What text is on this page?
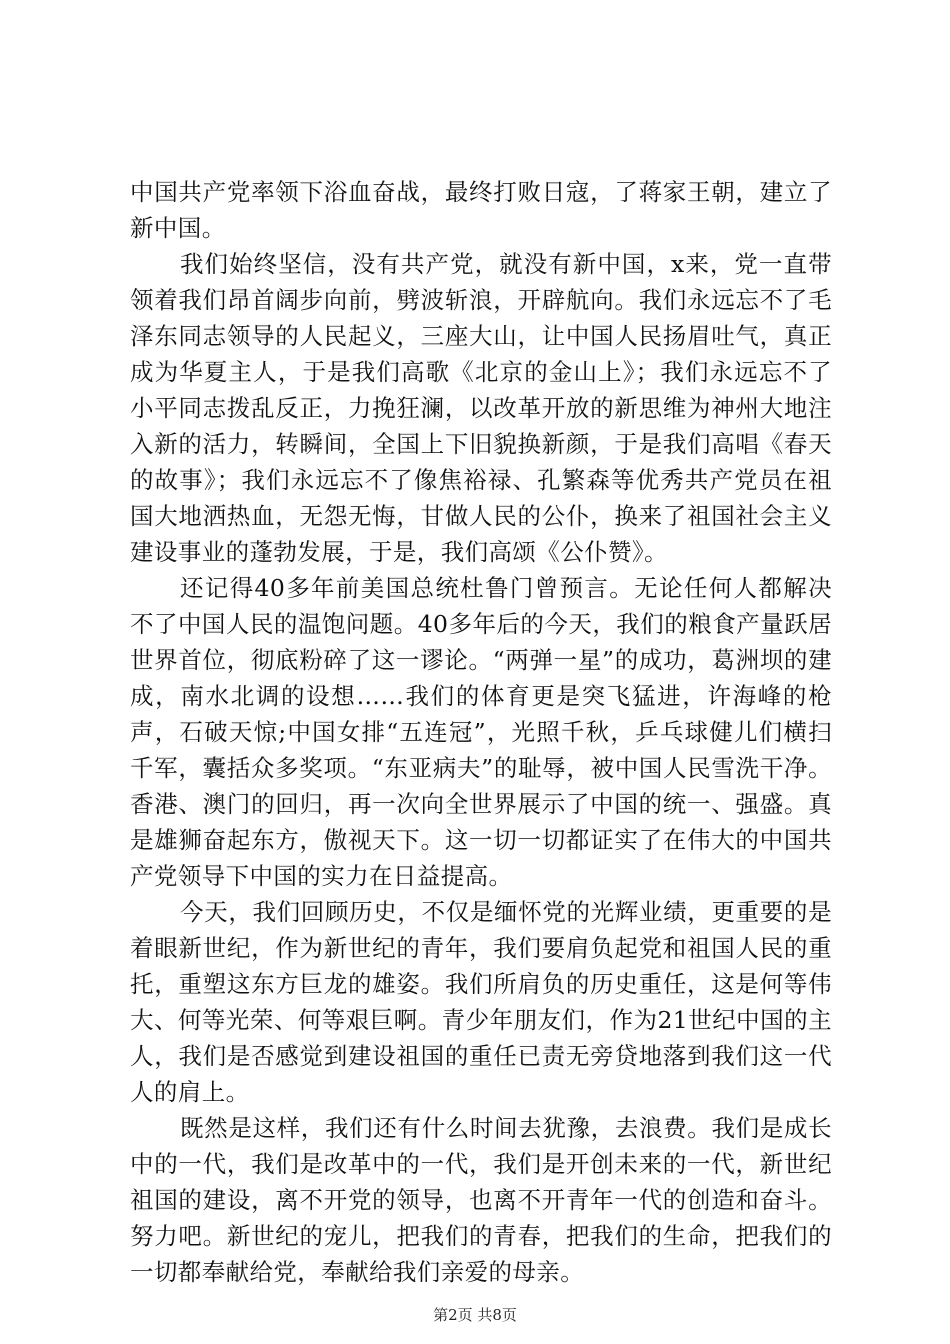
中国共产党率领下浴血奋战，最终打败日寇，了蒋家王朝，建立了新中国。

我们始终坚信，没有共产党，就没有新中国，x来，党一直带领着我们昂首阔步向前，劈波斩浪，开辟航向。我们永远忘不了毛泽东同志领导的人民起义，三座大山，让中国人民扬眉吐气，真正成为华夏主人，于是我们高歌《北京的金山上》；我们永远忘不了小平同志拨乱反正，力挽狂澜，以改革开放的新思维为神州大地注入新的活力，转瞬间，全国上下旧貌换新颜，于是我们高唱《春天的故事》；我们永远忘不了像焦裕禄、孔繁森等优秀共产党员在祖国大地洒热血，无怨无悔，甘做人民的公仆，换来了祖国社会主义建设事业的蓬勃发展，于是，我们高颂《公仆赞》。

还记得40多年前美国总统杜鲁门曾预言。无论任何人都解决不了中国人民的温饱问题。40多年后的今天，我们的粮食产量跃居世界首位，彻底粉碎了这一谬论。“两弹一星”的成功，葛洲坝的建成，南水北调的设想……我们的体育更是突飞猛进，许海峰的枪声，石破天惊;中国女排“五连冠”，光照千秋，乒乓球健儿们横扫千军，囊括众多奖项。“东亚病夫”的耻辱，被中国人民雪洗干净。香港、澳门的回归，再一次向全世界展示了中国的统一、强盛。真是雄狮奋起东方，傲视天下。这一切一切都证实了在伟大的中国共产党领导下中国的实力在日益提高。

今天，我们回顾历史，不仅是缅怀党的光辉业绩，更重要的是着眼新世纪，作为新世纪的青年，我们要肩负起党和祖国人民的重托，重塑这东方巨龙的雄姿。我们所肩负的历史重任，这是何等伟大、何等光荣、何等艰巨啊。青少年朋友们，作为21世纪中国的主人，我们是否感觉到建设祖国的重任已责无旁贷地落到我们这一代人的肩上。

既然是这样，我们还有什么时间去犹豫，去浪费。我们是成长中的一代，我们是改革中的一代，我们是开创未来的一代，新世纪祖国的建设，离不开党的领导，也离不开青年一代的创造和奋斗。努力吧。新世纪的宠儿，把我们的青春，把我们的生命，把我们的一切都奉献给党，奉献给我们亲爱的母亲。

第2页 共8页
